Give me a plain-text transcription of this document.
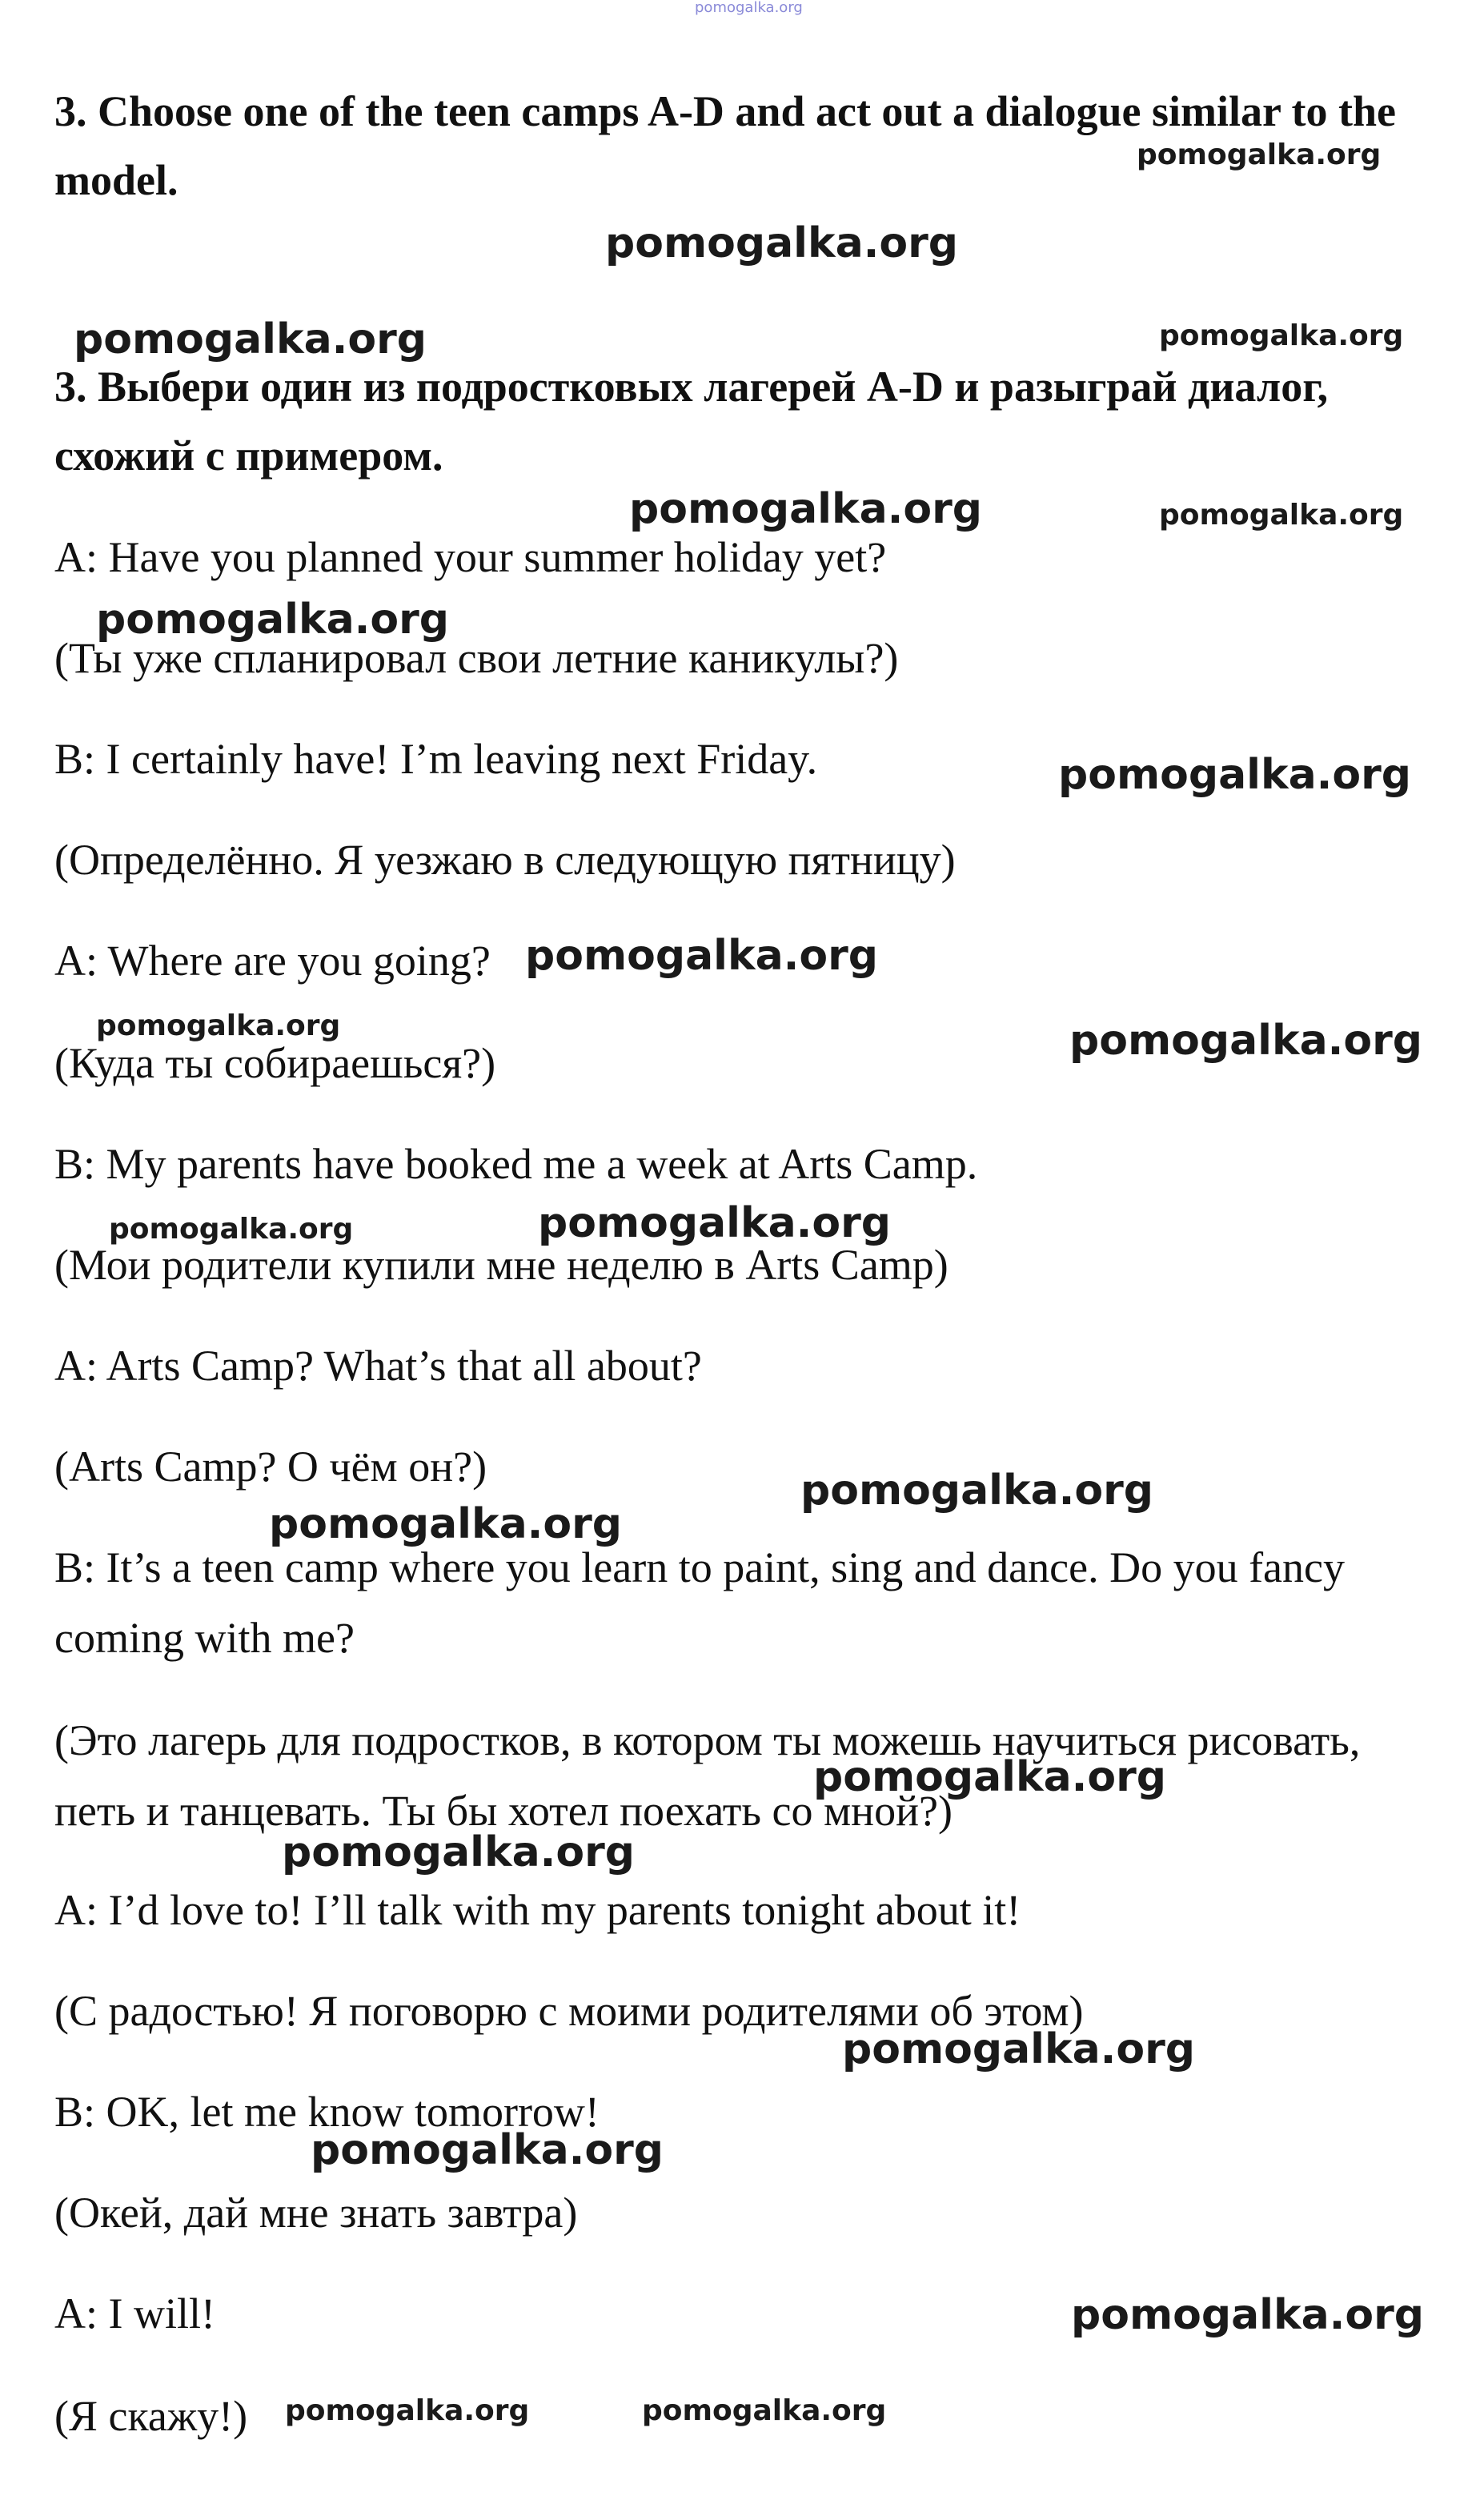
3. Choose one of the teen camps A-D and act out a dialogue similar to the model.

3. Выбери один из подростковых лагерей A-D и разыграй диалог, схожий с примером.

A: Have you planned your summer holiday yet?

(Ты уже спланировал свои летние каникулы?)

B: I certainly have! I’m leaving next Friday.

(Определённо. Я уезжаю в следующую пятницу)

A: Where are you going?

(Куда ты собираешься?)

B: My parents have booked me a week at Arts Camp.

(Мои родители купили мне неделю в Arts Camp)

A: Arts Camp? What’s that all about?

(Arts Camp? О чём он?)

B: It’s a teen camp where you learn to paint, sing and dance. Do you fancy coming with me?

(Это лагерь для подростков, в котором ты можешь научиться рисовать, петь и танцевать. Ты бы хотел поехать со мной?)

A: I’d love to! I’ll talk with my parents tonight about it!

(С радостью! Я поговорю с моими родителями об этом)

B: OK, let me know tomorrow!

(Окей, дай мне знать завтра)

A: I will!

(Я скажу!)

pomogalka.org
pomogalka.org
pomogalka.org
pomogalka.org	pomogalka.org
pomogalka.org	pomogalka.org
pomogalka.org
pomogalka.org
pomogalka.org
pomogalka.org	pomogalka.org
pomogalka.org	pomogalka.org
pomogalka.org
pomogalka.org
pomogalka.org
pomogalka.org
pomogalka.org
pomogalka.org
pomogalka.org
pomogalka.org	pomogalka.org
